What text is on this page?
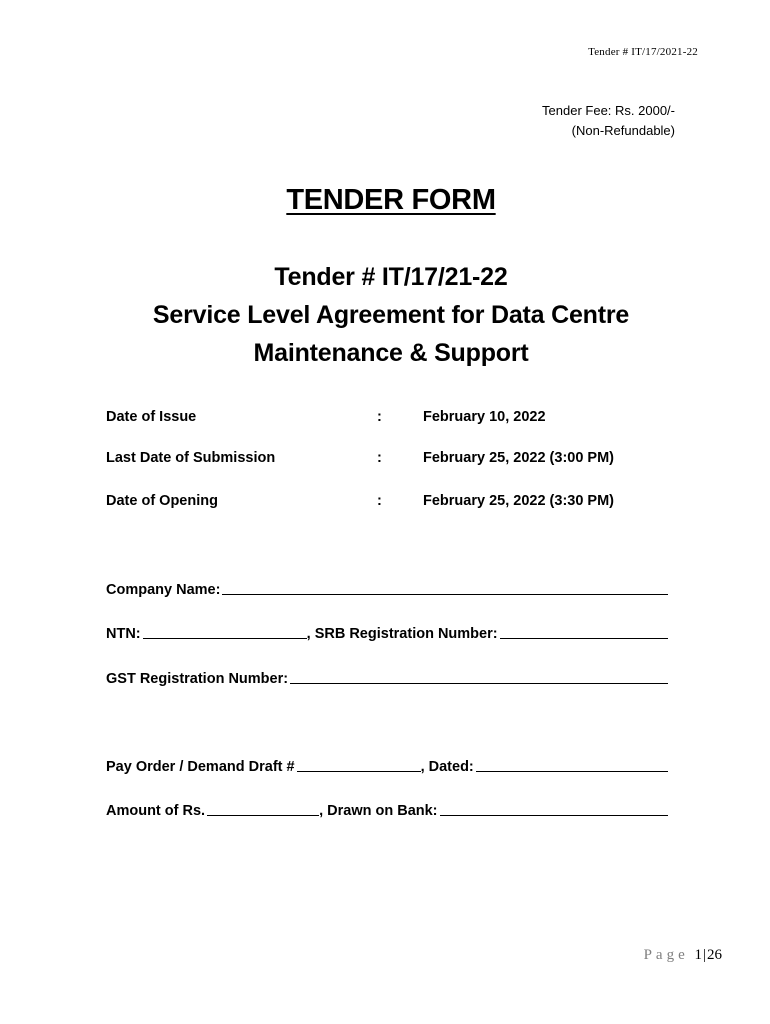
Tender # IT/17/2021-22
Tender Fee: Rs. 2000/-
(Non-Refundable)
TENDER FORM
Tender # IT/17/21-22
Service Level Agreement for Data Centre
Maintenance & Support
Date of Issue	:	February 10, 2022
Last Date of Submission	:	February 25, 2022 (3:00 PM)
Date of Opening	:	February 25, 2022 (3:30 PM)
Company Name:
NTN:	, SRB Registration Number:
GST Registration Number:
Pay Order / Demand Draft #	, Dated:
Amount of Rs.	, Drawn on Bank:
Page 1|26
